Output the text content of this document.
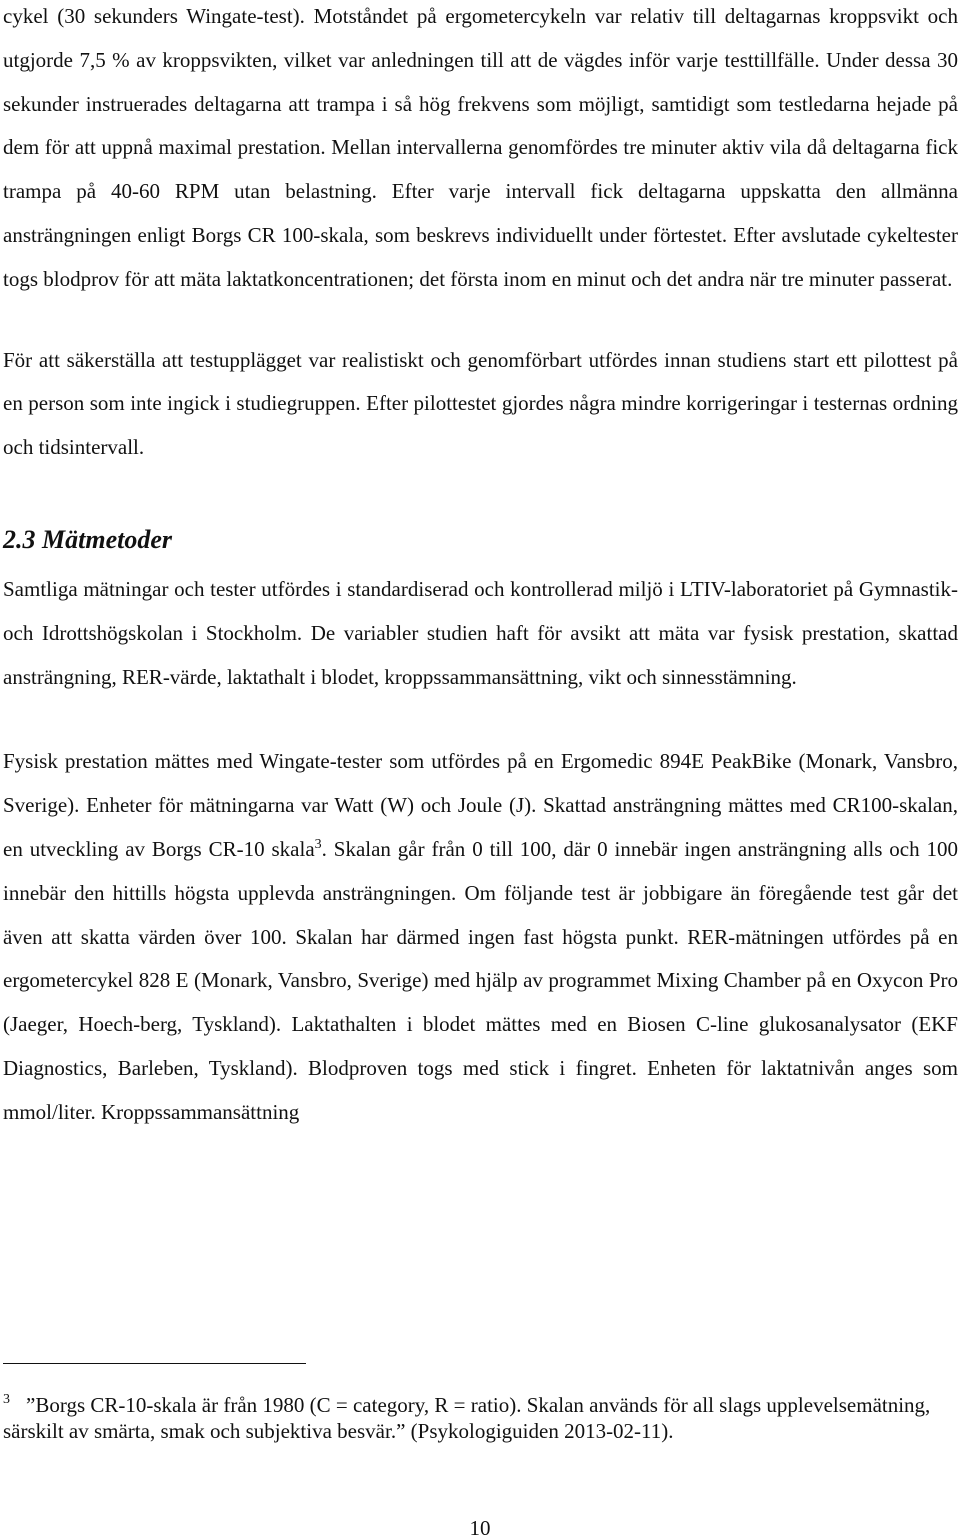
cykel (30 sekunders Wingate-test). Motståndet på ergometercykeln var relativ till deltagarnas kroppsvikt och utgjorde 7,5 % av kroppsvikten, vilket var anledningen till att de vägdes inför varje testtillfälle. Under dessa 30 sekunder instruerades deltagarna att trampa i så hög frekvens som möjligt, samtidigt som testledarna hejade på dem för att uppnå maximal prestation. Mellan intervallerna genomfördes tre minuter aktiv vila då deltagarna fick trampa på 40-60 RPM utan belastning. Efter varje intervall fick deltagarna uppskatta den allmänna ansträngningen enligt Borgs CR 100-skala, som beskrevs individuellt under förtestet. Efter avslutade cykeltester togs blodprov för att mäta laktatkoncentrationen; det första inom en minut och det andra när tre minuter passerat.

För att säkerställa att testupplägget var realistiskt och genomförbart utfördes innan studiens start ett pilottest på en person som inte ingick i studiegruppen. Efter pilottestet gjordes några mindre korrigeringar i testernas ordning och tidsintervall.

2.3 Mätmetoder

Samtliga mätningar och tester utfördes i standardiserad och kontrollerad miljö i LTIV-laboratoriet på Gymnastik- och Idrottshögskolan i Stockholm. De variabler studien haft för avsikt att mäta var fysisk prestation, skattad ansträngning, RER-värde, laktathalt i blodet, kroppssammansättning, vikt och sinnesstämning.

Fysisk prestation mättes med Wingate-tester som utfördes på en Ergomedic 894E PeakBike (Monark, Vansbro, Sverige). Enheter för mätningarna var Watt (W) och Joule (J). Skattad ansträngning mättes med CR100-skalan, en utveckling av Borgs CR-10 skala$^3$. Skalan går från 0 till 100, där 0 innebär ingen ansträngning alls och 100 innebär den hittills högsta upplevda ansträngningen. Om följande test är jobbigare än föregående test går det även att skatta värden över 100. Skalan har därmed ingen fast högsta punkt. RER-mätningen utfördes på en ergometercykel 828 E (Monark, Vansbro, Sverige) med hjälp av programmet Mixing Chamber på en Oxycon Pro (Jaeger, Hoech-berg, Tyskland). Laktathalten i blodet mättes med en Biosen C-line glukosanalysator (EKF Diagnostics, Barleben, Tyskland). Blodproven togs med stick i fingret. Enheten för laktatnivån anges som mmol/liter. Kroppssammansättning

$^3$ ”Borgs CR-10-skala är från 1980 (C = category, R = ratio). Skalan används för all slags upplevelsemätning, särskilt av smärta, smak och subjektiva besvär.” (Psykologiguiden 2013-02-11).

10
